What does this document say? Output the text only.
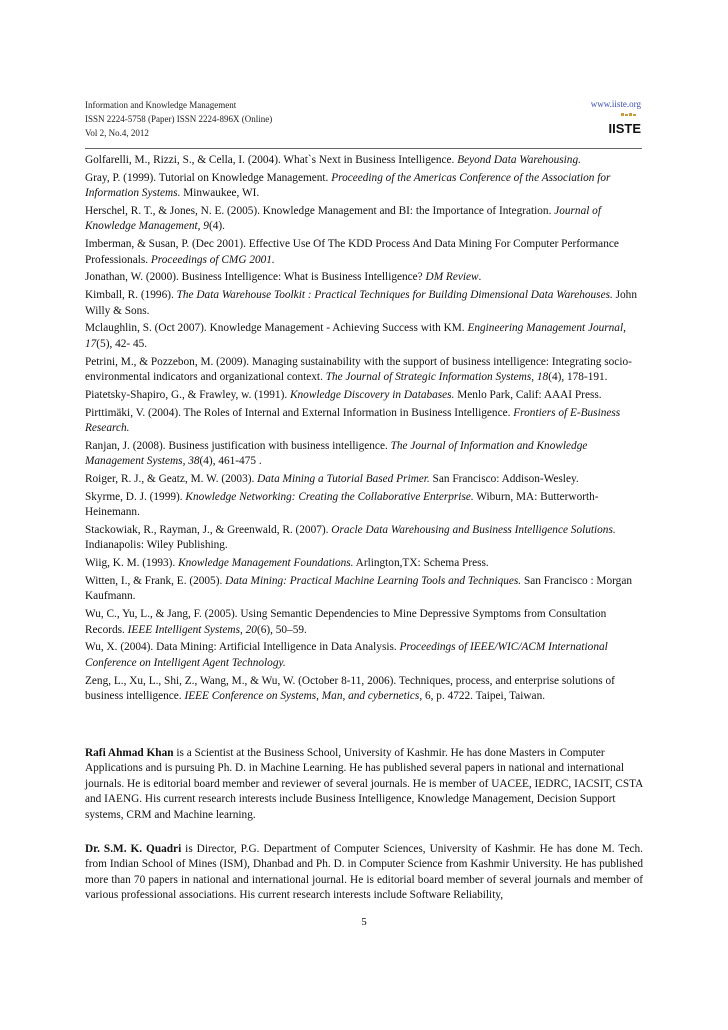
Information and Knowledge Management
ISSN 2224-5758 (Paper) ISSN 2224-896X (Online)
Vol 2, No.4, 2012
www.iiste.org
IISTE
Golfarelli, M., Rizzi, S., & Cella, I. (2004). What`s Next in Business Intelligence. Beyond Data Warehousing.
Gray, P. (1999). Tutorial on Knowledge Management. Proceeding of the Americas Conference of the Association for Information Systems. Minwaukee, WI.
Herschel, R. T., & Jones, N. E. (2005). Knowledge Management and BI: the Importance of Integration. Journal of Knowledge Management, 9(4).
Imberman, & Susan, P. (Dec 2001). Effective Use Of The KDD Process And Data Mining For Computer Performance Professionals. Proceedings of CMG 2001.
Jonathan, W. (2000). Business Intelligence: What is Business Intelligence? DM Review.
Kimball, R. (1996). The Data Warehouse Toolkit : Practical Techniques for Building Dimensional Data Warehouses. John Willy & Sons.
Mclaughlin, S. (Oct 2007). Knowledge Management - Achieving Success with KM. Engineering Management Journal, 17(5), 42- 45.
Petrini, M., & Pozzebon, M. (2009). Managing sustainability with the support of business intelligence: Integrating socio-environmental indicators and organizational context. The Journal of Strategic Information Systems, 18(4), 178-191.
Piatetsky-Shapiro, G., & Frawley, w. (1991). Knowledge Discovery in Databases. Menlo Park, Calif: AAAI Press.
Pirttimäki, V. (2004). The Roles of Internal and External Information in Business Intelligence. Frontiers of E-Business Research.
Ranjan, J. (2008). Business justification with business intelligence. The Journal of Information and Knowledge Management Systems, 38(4), 461-475 .
Roiger, R. J., & Geatz, M. W. (2003). Data Mining a Tutorial Based Primer. San Francisco: Addison-Wesley.
Skyrme, D. J. (1999). Knowledge Networking: Creating the Collaborative Enterprise. Wiburn, MA: Butterworth-Heinemann.
Stackowiak, R., Rayman, J., & Greenwald, R. (2007). Oracle Data Warehousing and Business Intelligence Solutions. Indianapolis: Wiley Publishing.
Wiig, K. M. (1993). Knowledge Management Foundations. Arlington,TX: Schema Press.
Witten, I., & Frank, E. (2005). Data Mining: Practical Machine Learning Tools and Techniques. San Francisco : Morgan Kaufmann.
Wu, C., Yu, L., & Jang, F. (2005). Using Semantic Dependencies to Mine Depressive Symptoms from Consultation Records. IEEE Intelligent Systems, 20(6), 50–59.
Wu, X. (2004). Data Mining: Artificial Intelligence in Data Analysis. Proceedings of IEEE/WIC/ACM International Conference on Intelligent Agent Technology.
Zeng, L., Xu, L., Shi, Z., Wang, M., & Wu, W. (October 8-11, 2006). Techniques, process, and enterprise solutions of business intelligence. IEEE Conference on Systems, Man, and cybernetics, 6, p. 4722. Taipei, Taiwan.
Rafi Ahmad Khan is a Scientist at the Business School, University of Kashmir. He has done Masters in Computer Applications and is pursuing Ph. D. in Machine Learning. He has published several papers in national and international journals. He is editorial board member and reviewer of several journals. He is member of UACEE, IEDRC, IACSIT, CSTA and IAENG. His current research interests include Business Intelligence, Knowledge Management, Decision Support systems, CRM and Machine learning.
Dr. S.M. K. Quadri is Director, P.G. Department of Computer Sciences, University of Kashmir. He has done M. Tech. from Indian School of Mines (ISM), Dhanbad and Ph. D. in Computer Science from Kashmir University. He has published more than 70 papers in national and international journal. He is editorial board member of several journals and member of various professional associations. His current research interests include Software Reliability,
5
